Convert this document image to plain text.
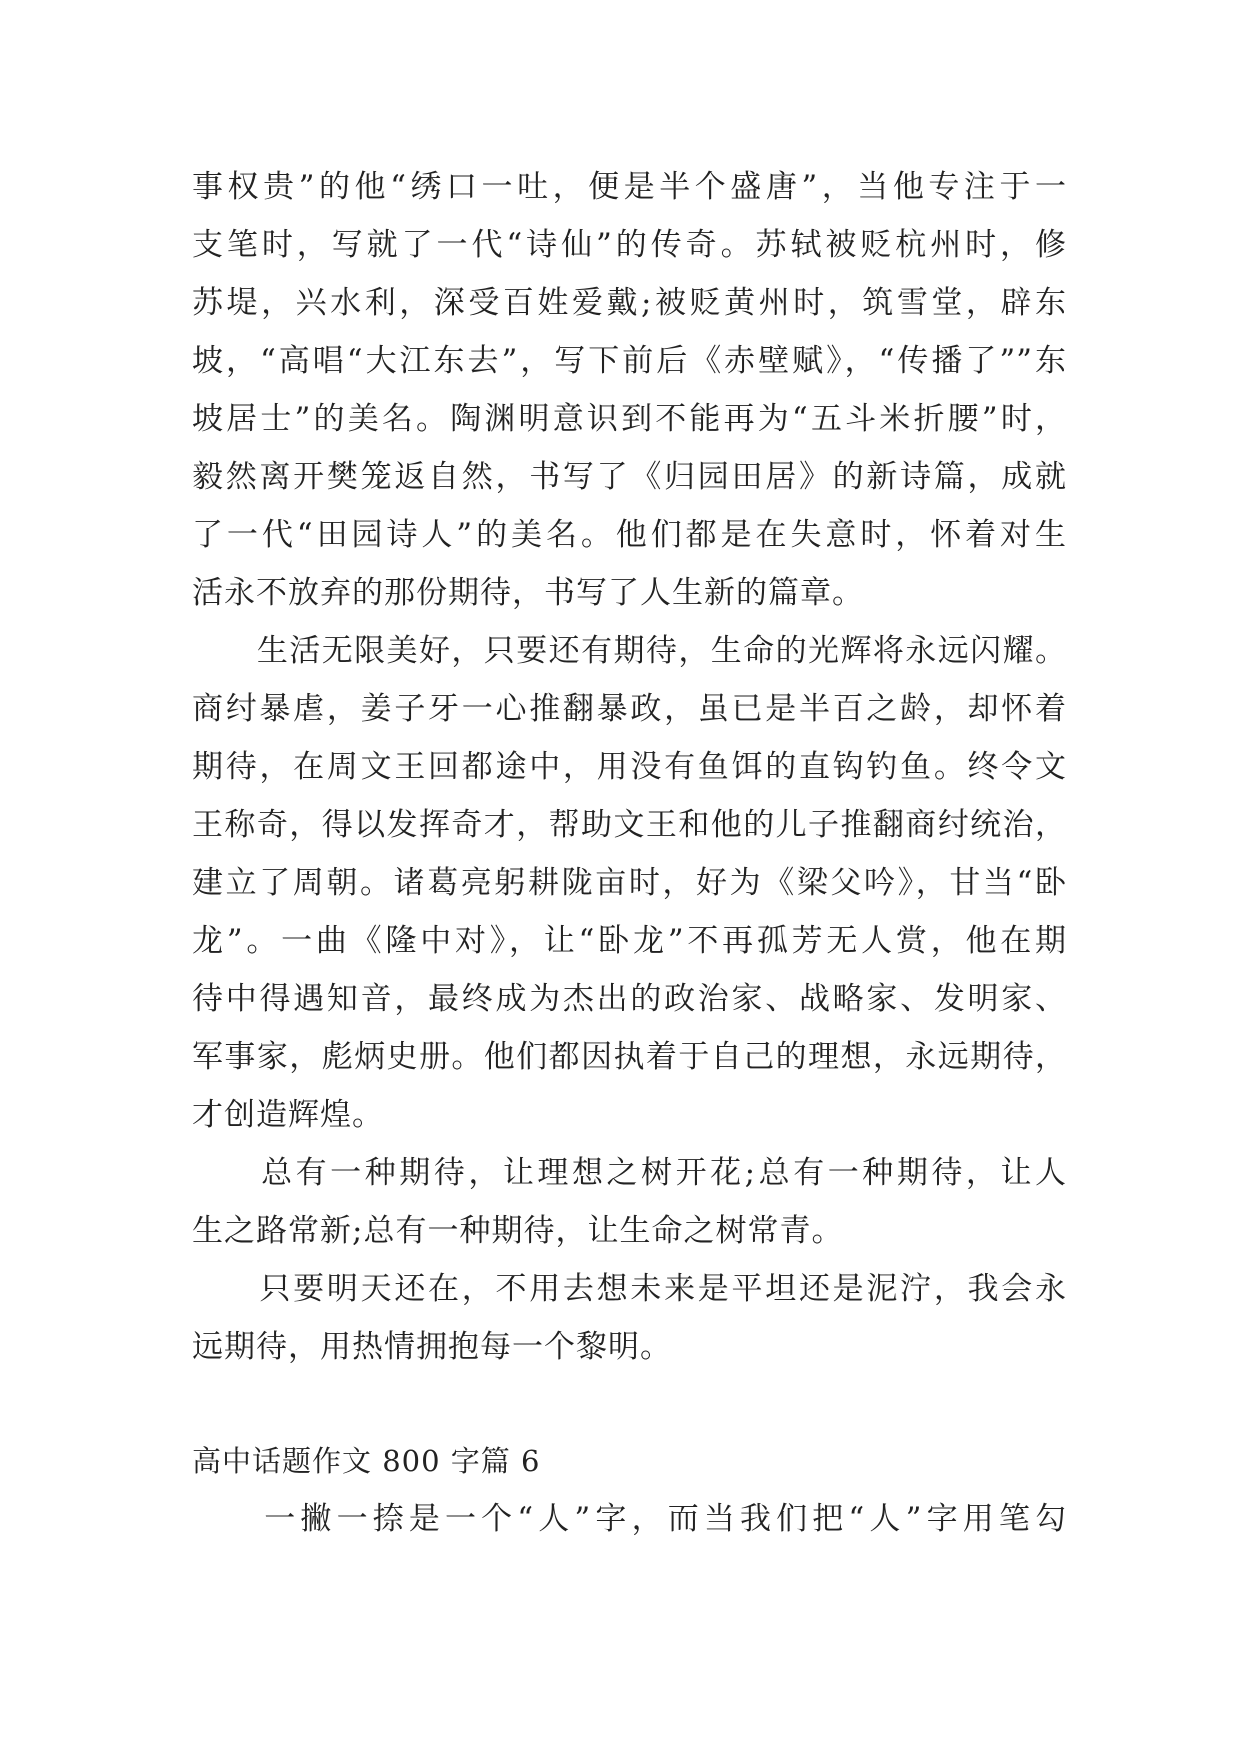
事权贵”的他“绣口一吐，便是半个盛唐”，当他专注于一
支笔时，写就了一代“诗仙”的传奇。苏轼被贬杭州时，修
苏堤，兴水利，深受百姓爱戴;被贬黄州时，筑雪堂，辟东
坡，“高唱“大江东去”，写下前后《赤壁赋》，“传播了””东
坡居士”的美名。陶渊明意识到不能再为“五斗米折腰”时，
毅然离开樊笼返自然，书写了《归园田居》的新诗篇，成就
了一代“田园诗人”的美名。他们都是在失意时，怀着对生
活永不放弃的那份期待，书写了人生新的篇章。
　　生活无限美好，只要还有期待，生命的光辉将永远闪耀。
商纣暴虐，姜子牙一心推翻暴政，虽已是半百之龄，却怀着
期待，在周文王回都途中，用没有鱼饵的直钩钓鱼。终令文
王称奇，得以发挥奇才，帮助文王和他的儿子推翻商纣统治，
建立了周朝。诸葛亮躬耕陇亩时，好为《梁父吟》，甘当“卧
龙”。一曲《隆中对》，让“卧龙”不再孤芳无人赏，他在期
待中得遇知音，最终成为杰出的政治家、战略家、发明家、
军事家，彪炳史册。他们都因执着于自己的理想，永远期待，
才创造辉煌。
　　总有一种期待，让理想之树开花;总有一种期待，让人
生之路常新;总有一种期待，让生命之树常青。
　　只要明天还在，不用去想未来是平坦还是泥泞，我会永
远期待，用热情拥抱每一个黎明。
高中话题作文 800 字篇 6
　　一撇一捺是一个“人”字，而当我们把“人”字用笔勾
